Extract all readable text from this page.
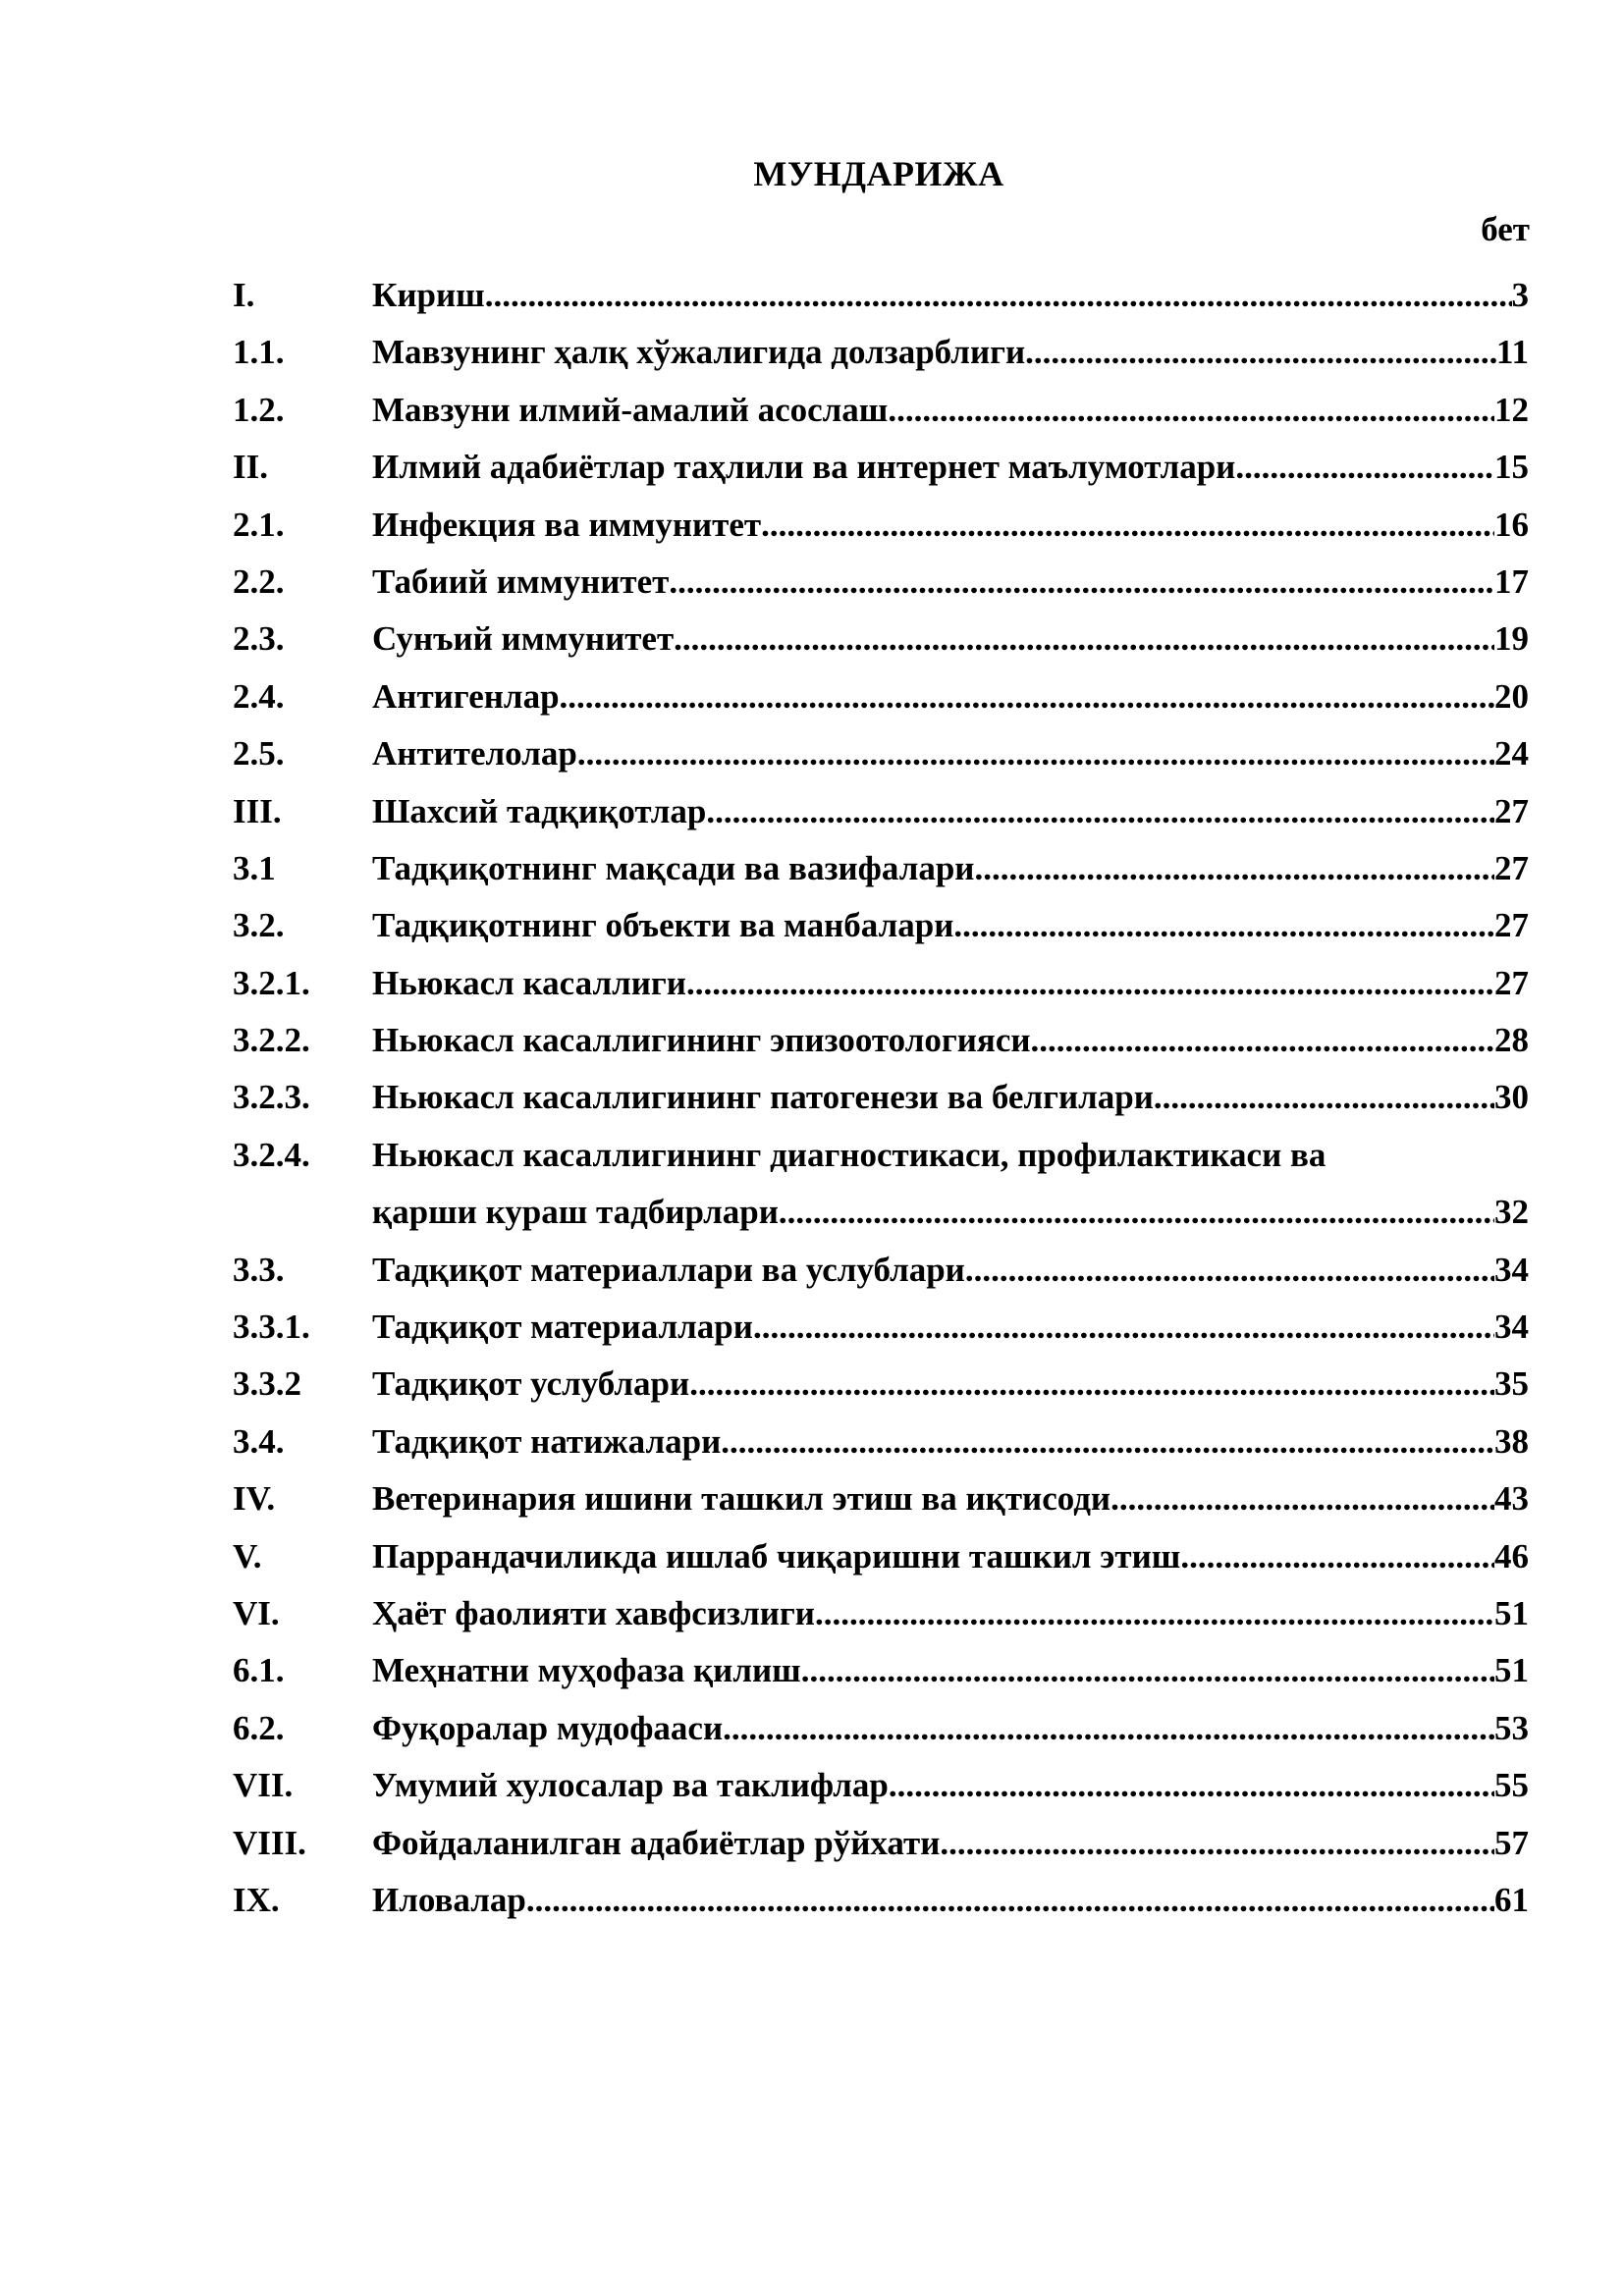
МУНДАРИЖА
бет
I.	Кириш .....	3
1.1.	Мавзунинг ҳалқ хўжалигида долзарблиги .....	11
1.2.	Мавзуни илмий-амалий асослаш .....	12
II.	Илмий адабиётлар таҳлили ва интернет маълумотлари .....	15
2.1.	Инфекция ва иммунитет .....	16
2.2.	Табиий иммунитет .....	17
2.3.	Сунъий иммунитет .....	19
2.4.	Антигенлар .....	20
2.5.	Антителолар .....	24
III.	Шахсий тадқиқотлар .....	27
3.1	Тадқиқотнинг мақсади ва вазифалари .....	27
3.2.	Тадқиқотнинг объекти ва манбалари .....	27
3.2.1. Ньюкасл касаллиги .....	27
3.2.2. Ньюкасл касаллигининг эпизоотологияси .....	28
3.2.3. Ньюкасл касаллигининг патогенези ва белгилари .....	30
3.2.4. Ньюкасл касаллигининг диагностикаси, профилактикаси ва
қарши кураш тадбирлари .....	32
3.3.	Тадқиқот материаллари ва услублари .....	34
3.3.1. Тадқиқот материаллари .....	34
3.3.2 Тадқиқот услублари .....	35
3.4.	Тадқиқот натижалари .....	38
IV.	Ветеринария ишини ташкил этиш ва иқтисоди .....	43
V.	Паррандачиликда ишлаб чиқаришни ташкил этиш .....	46
VI.	Ҳаёт фаолияти хавфсизлиги .....	51
6.1.	Меҳнатни муҳофаза қилиш .....	51
6.2.	Фуқоралар мудофааси .....	53
VII. Умумий хулосалар ва таклифлар .....	55
VIII. Фойдаланилган адабиётлар рўйхати .....	57
IX.	Иловалар .....	61
